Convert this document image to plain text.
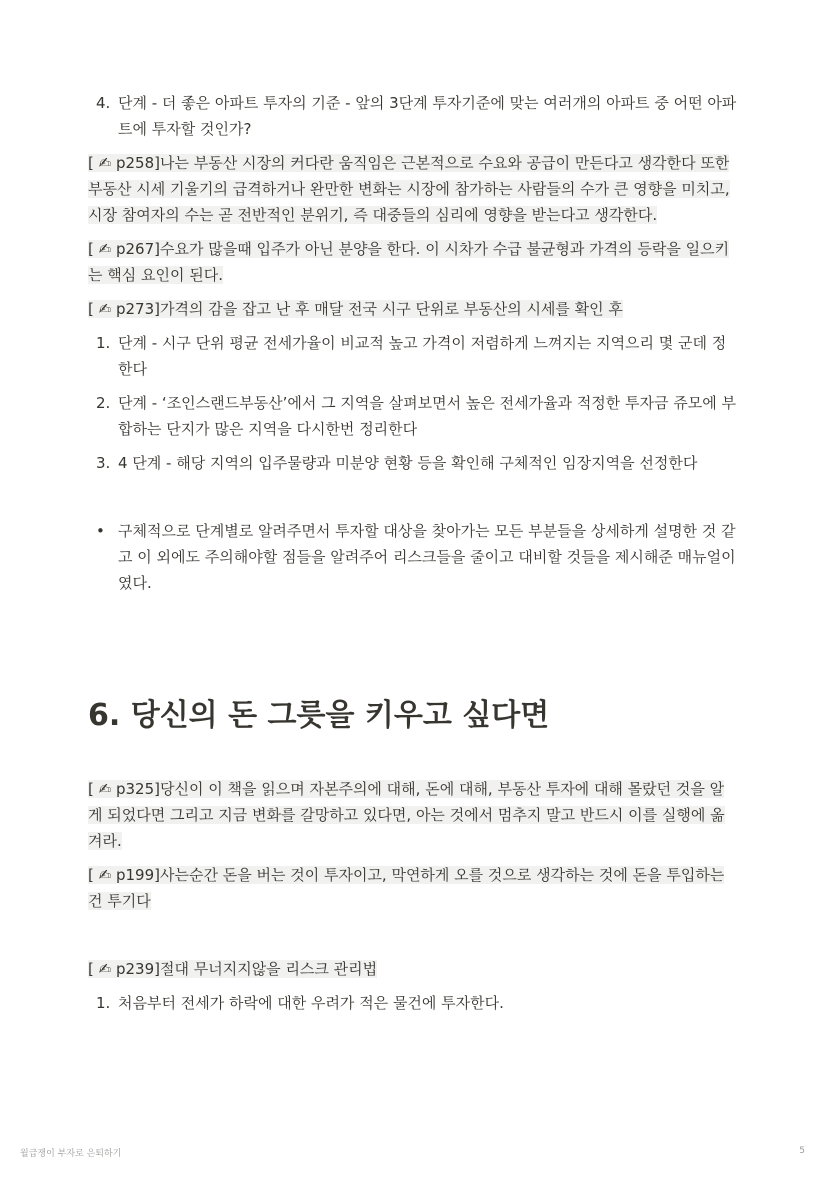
4. 단계 - 더 좋은 아파트 투자의 기준 - 앞의 3단계 투자기준에 맞는 여러개의 아파트 중 어떤 아파트에 투자할 것인가?
[ ✍ p258]나는 부동산 시장의 커다란 움직임은 근본적으로 수요와 공급이 만든다고 생각한다 또한 부동산 시세 기울기의 급격하거나 완만한 변화는 시장에 참가하는 사람들의 수가 큰 영향을 미치고, 시장 참여자의 수는 곧 전반적인 분위기, 즉 대중들의 심리에 영향을 받는다고 생각한다.
[ ✍ p267]수요가 많을때 입주가 아닌 분양을 한다. 이 시차가 수급 불균형과 가격의 등락을 일으키는 핵심 요인이 된다.
[ ✍ p273]가격의 감을 잡고 난 후 매달 전국 시구 단위로 부동산의 시세를 확인 후
1. 단계 - 시구 단위 평균 전세가율이 비교적 높고 가격이 저렴하게 느껴지는 지역으리 몇 군데 정한다
2. 단계 - ‘조인스랜드부동산’에서 그 지역을 살펴보면서 높은 전세가율과 적정한 투자금 쥬모에 부합하는 단지가 많은 지역을 다시한번 정리한다
3. 4 단계 - 해당 지역의 입주물량과 미분양 현황 등을 확인해 구체적인 임장지역을 선정한다
• 구체적으로 단계별로 알려주면서 투자할 대상을 찾아가는 모든 부분들을 상세하게 설명한 것 같고 이 외에도 주의해야할 점들을 알려주어 리스크들을 줄이고 대비할 것들을 제시해준 매뉴얼이였다.
6. 당신의 돈 그릇을 키우고 싶다면
[ ✍ p325]당신이 이 책을 읽으며 자본주의에 대해, 돈에 대해, 부동산 투자에 대해 몰랐던 것을 알게 되었다면 그리고 지금 변화를 갈망하고 있다면, 아는 것에서 멈추지 말고 반드시 이를 실행에 옮겨라.
[ ✍ p199]사는순간 돈을 버는 것이 투자이고, 막연하게 오를 것으로 생각하는 것에 돈을 투입하는건 투기다
[ ✍ p239]절대 무너지지않을 리스크 관리법
1. 처음부터 전세가 하락에 대한 우려가 적은 물건에 투자한다.
월급쟁이 부자로 은퇴하기	5
